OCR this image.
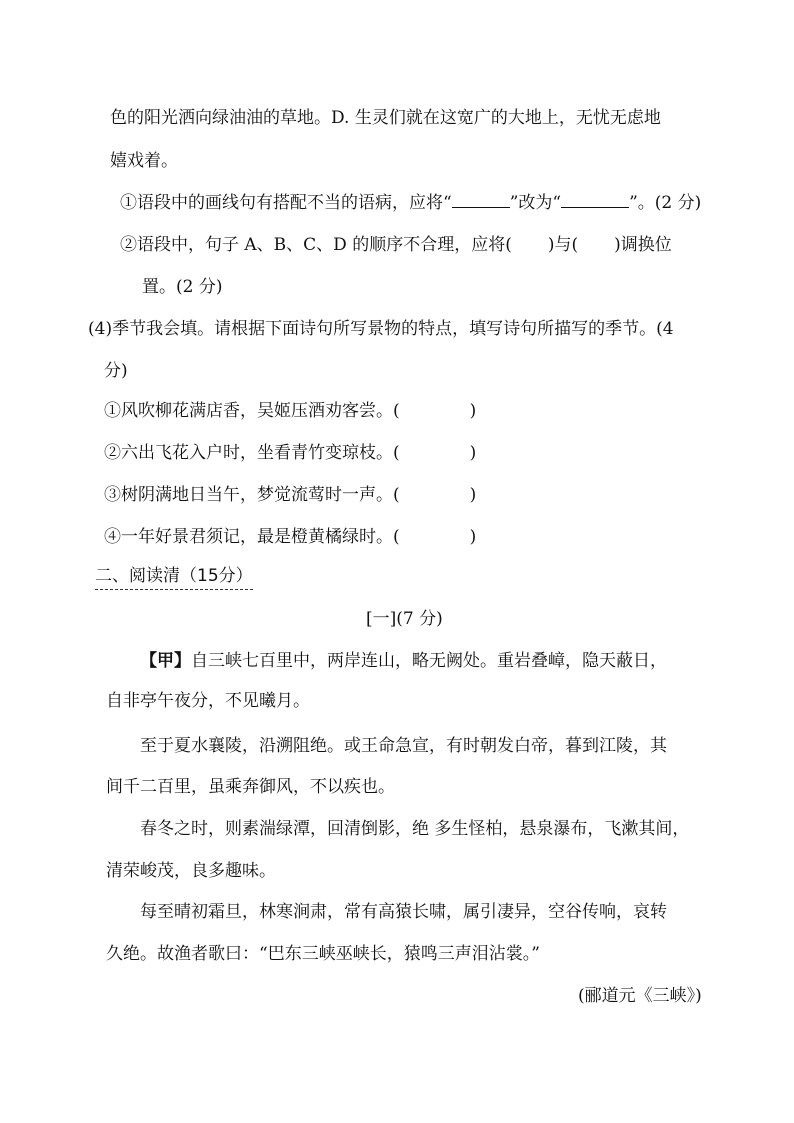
色的阳光洒向绿油油的草地。D. 生灵们就在这宽广的大地上，无忧无虑地
嬉戏着。
①语段中的画线句有搭配不当的语病，应将“	”改为“	”。(2 分)
②语段中，句子 A、B、C、D 的顺序不合理，应将( )与( )调换位
置。(2 分)
(4)季节我会填。请根据下面诗句所写景物的特点，填写诗句所描写的季节。(4
分)
①风吹柳花满店香，吴姬压酒劝客尝。(	)
②六出飞花入户时，坐看青竹变琼枝。(	)
③树阴满地日当午，梦觉流莺时一声。(	)
④一年好景君须记，最是橙黄橘绿时。(	)
二、阅读清（15分）
[一](7 分)
【甲】自三峡七百里中，两岸连山，略无阙处。重岩叠嶂，隐天蔽日，
自非亭午夜分，不见曦月。
至于夏水襄陵，沿溯阻绝。或王命急宣，有时朝发白帝，暮到江陵，其
间千二百里，虽乘奔御风，不以疾也。
春冬之时，则素湍绿潭，回清倒影，绝 多生怪柏，悬泉瀑布，飞漱其间，
清荣峻茂，良多趣味。
每至晴初霜旦，林寒涧肃，常有高猿长啸，属引凄异，空谷传响，哀转
久绝。故渔者歌曰：“巴东三峡巫峡长，猿鸣三声泪沾裳。”
(郦道元《三峡》)
